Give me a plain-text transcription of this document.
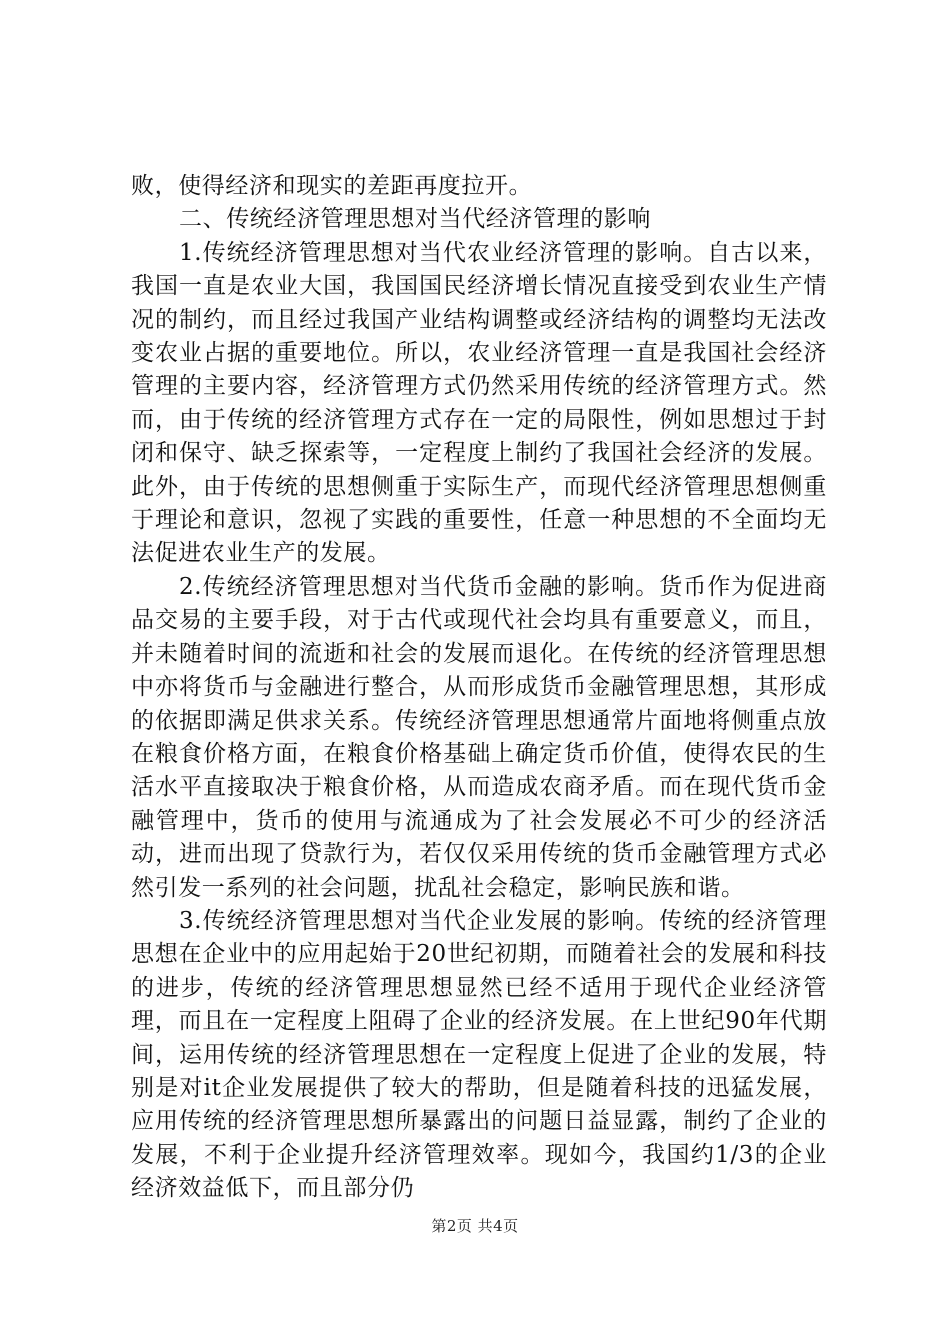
败，使得经济和现实的差距再度拉开。

二、传统经济管理思想对当代经济管理的影响

1.传统经济管理思想对当代农业经济管理的影响。自古以来，我国一直是农业大国，我国国民经济增长情况直接受到农业生产情况的制约，而且经过我国产业结构调整或经济结构的调整均无法改变农业占据的重要地位。所以，农业经济管理一直是我国社会经济管理的主要内容，经济管理方式仍然采用传统的经济管理方式。然而，由于传统的经济管理方式存在一定的局限性，例如思想过于封闭和保守、缺乏探索等，一定程度上制约了我国社会经济的发展。此外，由于传统的思想侧重于实际生产，而现代经济管理思想侧重于理论和意识，忽视了实践的重要性，任意一种思想的不全面均无法促进农业生产的发展。

2.传统经济管理思想对当代货币金融的影响。货币作为促进商品交易的主要手段，对于古代或现代社会均具有重要意义，而且，并未随着时间的流逝和社会的发展而退化。在传统的经济管理思想中亦将货币与金融进行整合，从而形成货币金融管理思想，其形成的依据即满足供求关系。传统经济管理思想通常片面地将侧重点放在粮食价格方面，在粮食价格基础上确定货币价值，使得农民的生活水平直接取决于粮食价格，从而造成农商矛盾。而在现代货币金融管理中，货币的使用与流通成为了社会发展必不可少的经济活动，进而出现了贷款行为，若仅仅采用传统的货币金融管理方式必然引发一系列的社会问题，扰乱社会稳定，影响民族和谐。

3.传统经济管理思想对当代企业发展的影响。传统的经济管理思想在企业中的应用起始于20世纪初期，而随着社会的发展和科技的进步，传统的经济管理思想显然已经不适用于现代企业经济管理，而且在一定程度上阻碍了企业的经济发展。在上世纪90年代期间，运用传统的经济管理思想在一定程度上促进了企业的发展，特别是对it企业发展提供了较大的帮助，但是随着科技的迅猛发展，应用传统的经济管理思想所暴露出的问题日益显露，制约了企业的发展，不利于企业提升经济管理效率。现如今，我国约1/3的企业经济效益低下，而且部分仍

第2页 共4页
